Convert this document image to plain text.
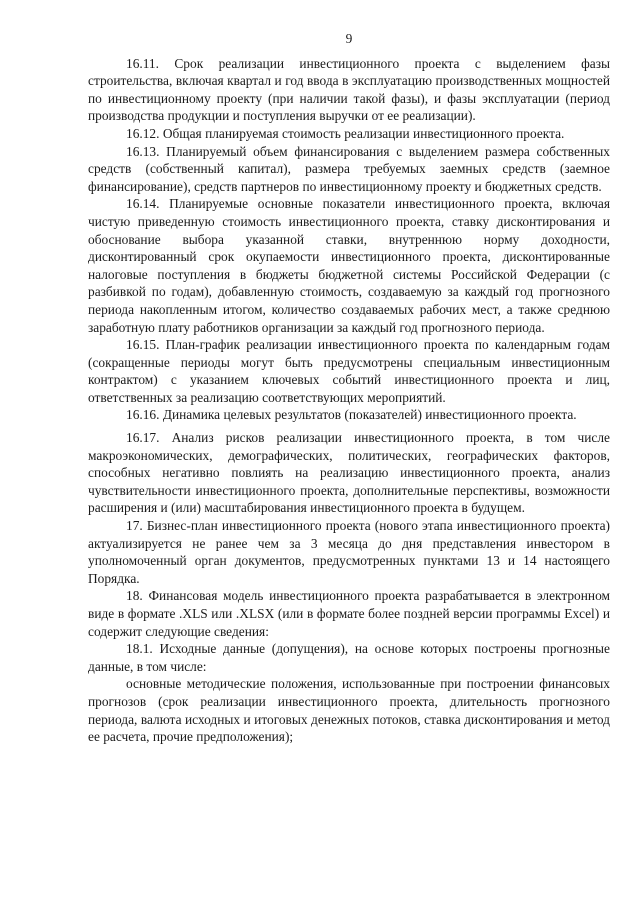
9

16.11. Срок реализации инвестиционного проекта с выделением фазы строительства, включая квартал и год ввода в эксплуатацию производственных мощностей по инвестиционному проекту (при наличии такой фазы), и фазы эксплуатации (период производства продукции и поступления выручки от ее реализации).

16.12. Общая планируемая стоимость реализации инвестиционного проекта.

16.13. Планируемый объем финансирования с выделением размера собственных средств (собственный капитал), размера требуемых заемных средств (заемное финансирование), средств партнеров по инвестиционному проекту и бюджетных средств.

16.14. Планируемые основные показатели инвестиционного проекта, включая чистую приведенную стоимость инвестиционного проекта, ставку дисконтирования и обоснование выбора указанной ставки, внутреннюю норму доходности, дисконтированный срок окупаемости инвестиционного проекта, дисконтированные налоговые поступления в бюджеты бюджетной системы Российской Федерации (с разбивкой по годам), добавленную стоимость, создаваемую за каждый год прогнозного периода накопленным итогом, количество создаваемых рабочих мест, а также среднюю заработную плату работников организации за каждый год прогнозного периода.

16.15. План-график реализации инвестиционного проекта по календарным годам (сокращенные периоды могут быть предусмотрены специальным инвестиционным контрактом) с указанием ключевых событий инвестиционного проекта и лиц, ответственных за реализацию соответствующих мероприятий.

16.16. Динамика целевых результатов (показателей) инвестиционного проекта.

16.17. Анализ рисков реализации инвестиционного проекта, в том числе макроэкономических, демографических, политических, географических факторов, способных негативно повлиять на реализацию инвестиционного проекта, анализ чувствительности инвестиционного проекта, дополнительные перспективы, возможности расширения и (или) масштабирования инвестиционного проекта в будущем.

17. Бизнес-план инвестиционного проекта (нового этапа инвестиционного проекта) актуализируется не ранее чем за 3 месяца до дня представления инвестором в уполномоченный орган документов, предусмотренных пунктами 13 и 14 настоящего Порядка.

18. Финансовая модель инвестиционного проекта разрабатывается в электронном виде в формате .XLS или .XLSX (или в формате более поздней версии программы Excel) и содержит следующие сведения:

18.1. Исходные данные (допущения), на основе которых построены прогнозные данные, в том числе:

основные методические положения, использованные при построении финансовых прогнозов (срок реализации инвестиционного проекта, длительность прогнозного периода, валюта исходных и итоговых денежных потоков, ставка дисконтирования и метод ее расчета, прочие предположения);
